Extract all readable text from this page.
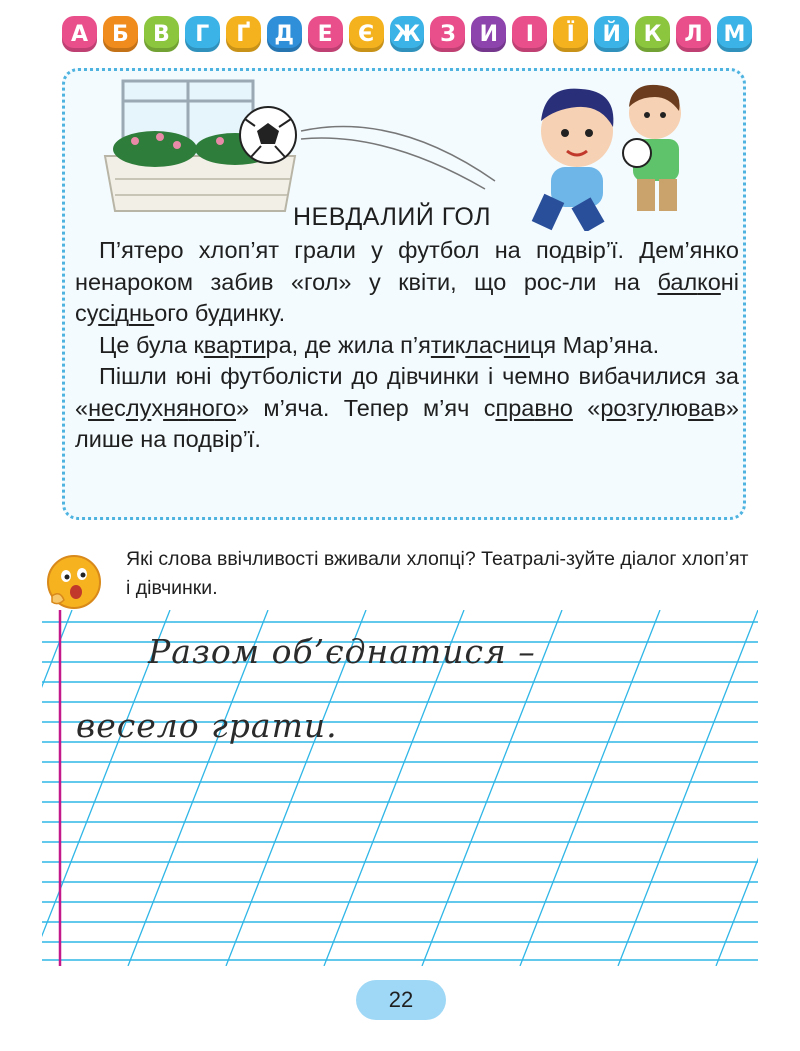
А	Б	В	Г	Ґ	Д	Е	Є Ж З	И	І	Ї	Й	К	Л М
НЕВДАЛИЙ ГОЛ

П’ятеро хлоп’ят грали у футбол на подвір’ї. Дем’янко ненароком забив «гол» у квіти, що рос-ли на балконі сусіднього будинку.

Це була квартира, де жила п’ятикласниця Мар’яна.

Пішли юні футболісти до дівчинки і чемно вибачилися за «неслухняного» м’яча. Тепер м’яч справно «розгулював» лише на подвір’ї.

Які слова ввічливості вживали хлопці? Театралі-зуйте діалог хлоп’ят і дівчинки.
Разом об’єднатися –
весело грати.
22
